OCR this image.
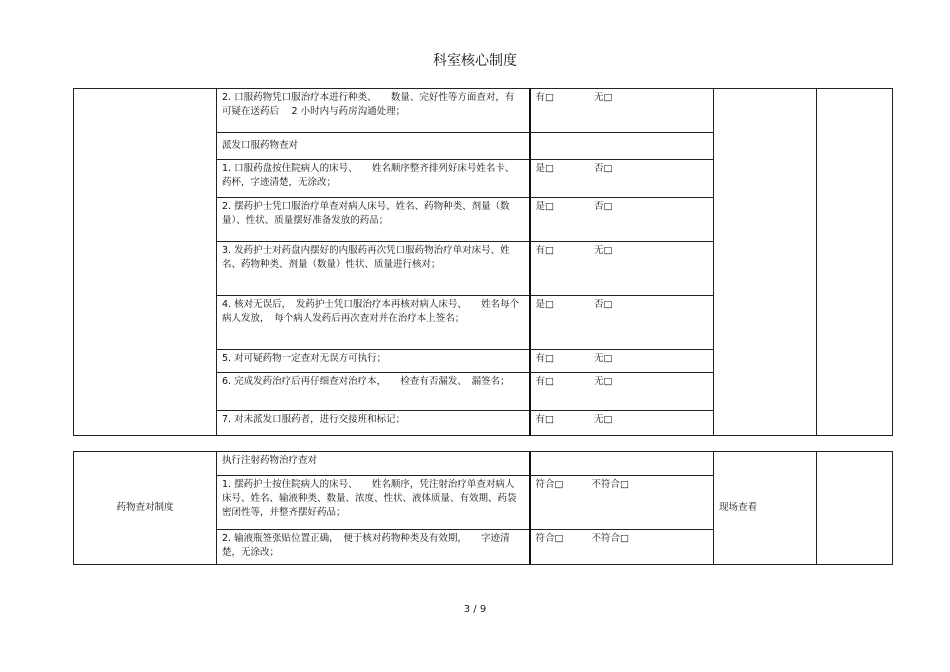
科室核心制度
	2. 口服药物凭口服治疗本进行种类、　　数量、完好性等方面查对，有可疑在送药后　 2 小时内与药房沟通处理；	有□ 无□		
	派发口服药物查对			
	1. 口服药盘按住院病人的床号、　　姓名顺序整齐排列好床号姓名卡、药杯，字迹清楚，无涂改；	是□ 否□		
	2. 摆药护士凭口服治疗单查对病人床号、姓名、药物种类、剂量（数量）、性状、质量摆好准备发放的药品；	是□ 否□		
	3. 发药护士对药盘内摆好的内服药再次凭口服药物治疗单对床号、姓名、药物种类、剂量（数量）性状、质量进行核对；	有□ 无□		
	4. 核对无误后，　发药护士凭口服治疗本再核对病人床号、　　姓名每个病人发放，　每个病人发药后再次查对并在治疗本上签名；	是□ 否□		
	5. 对可疑药物一定查对无误方可执行；	有□ 无□		
	6. 完成发药治疗后再仔细查对治疗本，　　检查有否漏发、　漏签名；	有□ 无□		
	7. 对未派发口服药者，进行交接班和标记；	有□ 无□		
药物查对制度	执行注射药物治疗查对		现场查看	
	1. 摆药护士按住院病人的床号、　　姓名顺序，凭注射治疗单查对病人床号、姓名、输液种类、数量、浓度、性状、液体质量、有效期、药袋密闭性等，并整齐摆好药品；	符合□ 不符合□		
	2. 输液瓶签张贴位置正确，　便于核对药物种类及有效期，　　字迹清楚，无涂改；	符合□ 不符合□		
3 / 9
